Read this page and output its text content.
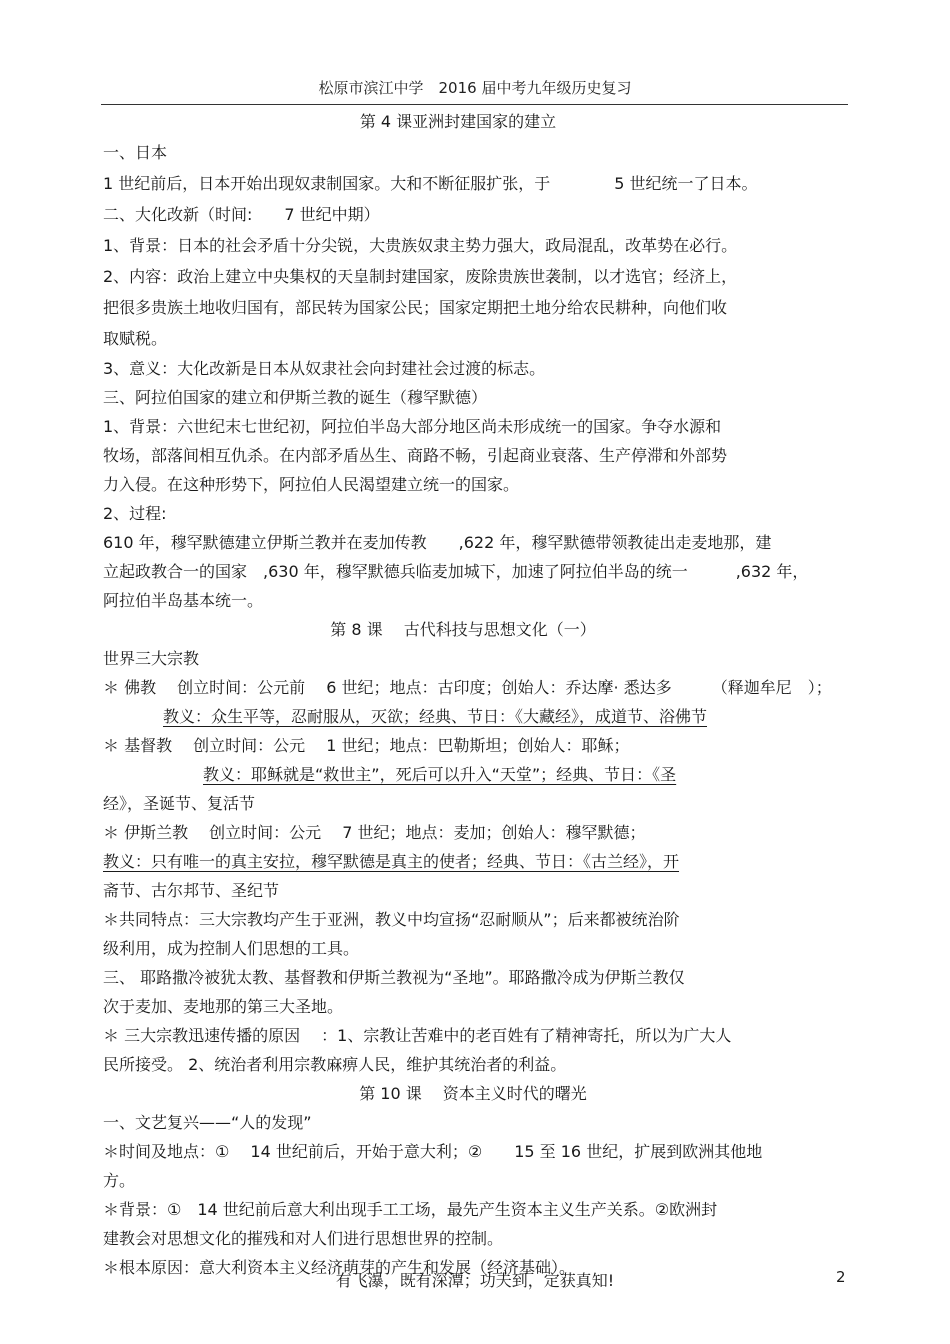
松原市滨江中学　2016 届中考九年级历史复习
第 4 课亚洲封建国家的建立
一、日本
1 世纪前后，日本开始出现奴隶制国家。大和不断征服扩张，于　　　　5 世纪统一了日本。
二、大化改新（时间:　　7 世纪中期）
1、背景：日本的社会矛盾十分尖锐，大贵族奴隶主势力强大，政局混乱，改革势在必行。
2、内容：政治上建立中央集权的天皇制封建国家，废除贵族世袭制，以才选官；经济上，
把很多贵族土地收归国有，部民转为国家公民；国家定期把土地分给农民耕种，向他们收
取赋税。
3、意义：大化改新是日本从奴隶社会向封建社会过渡的标志。
三、阿拉伯国家的建立和伊斯兰教的诞生（穆罕默德）
1、背景：六世纪末七世纪初，阿拉伯半岛大部分地区尚未形成统一的国家。争夺水源和
牧场，部落间相互仇杀。在内部矛盾丛生、商路不畅，引起商业衰落、生产停滞和外部势
力入侵。在这种形势下，阿拉伯人民渴望建立统一的国家。
2、过程:
610 年，穆罕默德建立伊斯兰教并在麦加传教　　,622 年，穆罕默德带领教徒出走麦地那，建
立起政教合一的国家　,630 年，穆罕默德兵临麦加城下，加速了阿拉伯半岛的统一　　　,632 年，
阿拉伯半岛基本统一。
第 8 课　 古代科技与思想文化（一）
世界三大宗教
＊ 佛教　 创立时间：公元前　 6 世纪；地点：古印度；创始人：乔达摩· 悉达多　　　（释迦牟尼　）；
教义：众生平等，忍耐服从，灭欲；经典、节日：《大藏经》，成道节、浴佛节
＊ 基督教　 创立时间：公元　 1 世纪；地点：巴勒斯坦；创始人：耶稣；
教义：耶稣就是“救世主”，死后可以升入“天堂”；经典、节日：《圣
经》，圣诞节、复活节
＊ 伊斯兰教　 创立时间：公元　 7 世纪；地点：麦加；创始人：穆罕默德；
教义：只有唯一的真主安拉，穆罕默德是真主的使者；经典、节日：《古兰经》，开
斋节、古尔邦节、圣纪节
＊共同特点：三大宗教均产生于亚洲，教义中均宣扬“忍耐顺从”；后来都被统治阶
级利用，成为控制人们思想的工具。
三、 耶路撒冷被犹太教、基督教和伊斯兰教视为“圣地”。耶路撒冷成为伊斯兰教仅
次于麦加、麦地那的第三大圣地。
＊ 三大宗教迅速传播的原因　 ：1、宗教让苦难中的老百姓有了精神寄托，所以为广大人
民所接受。 2、统治者利用宗教麻痹人民，维护其统治者的利益。
第 10 课　 资本主义时代的曙光
一、文艺复兴——“人的发现”
＊时间及地点：①　 14 世纪前后，开始于意大利；②　　15 至 16 世纪，扩展到欧洲其他地
方。
＊背景：①　14 世纪前后意大利出现手工工场，最先产生资本主义生产关系。②欧洲封
建教会对思想文化的摧残和对人们进行思想世界的控制。
＊根本原因：意大利资本主义经济萌芽的产生和发展（经济基础）。
有飞瀑，既有深潭；功夫到，定获真知!	2
